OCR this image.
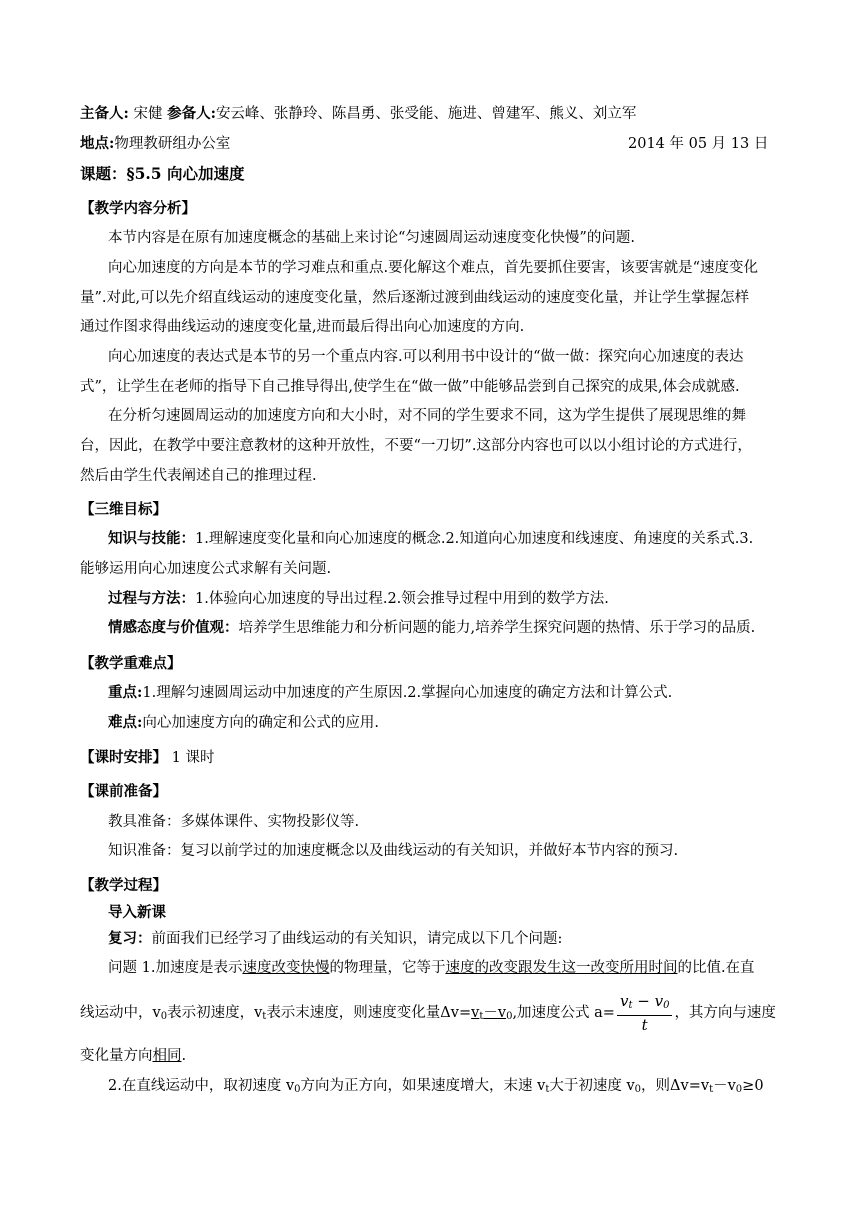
主备人: 宋健 参备人:安云峰、张静玲、陈昌勇、张受能、施进、曾建军、熊义、刘立军
地点:物理教研组办公室	2014 年 05 月 13 日
课题：§5.5 向心加速度
【教学内容分析】
本节内容是在原有加速度概念的基础上来讨论“匀速圆周运动速度变化快慢”的问题.
向心加速度的方向是本节的学习难点和重点.要化解这个难点，首先要抓住要害，该要害就是“速度变化
量”.对此,可以先介绍直线运动的速度变化量，然后逐渐过渡到曲线运动的速度变化量，并让学生掌握怎样
通过作图求得曲线运动的速度变化量,进而最后得出向心加速度的方向.
向心加速度的表达式是本节的另一个重点内容.可以利用书中设计的“做一做：探究向心加速度的表达
式”，让学生在老师的指导下自己推导得出,使学生在“做一做”中能够品尝到自己探究的成果,体会成就感.
在分析匀速圆周运动的加速度方向和大小时，对不同的学生要求不同，这为学生提供了展现思维的舞
台，因此，在教学中要注意教材的这种开放性，不要“一刀切”.这部分内容也可以以小组讨论的方式进行，
然后由学生代表阐述自己的推理过程.
【三维目标】
知识与技能：1.理解速度变化量和向心加速度的概念.2.知道向心加速度和线速度、角速度的关系式.3.
能够运用向心加速度公式求解有关问题.
过程与方法：1.体验向心加速度的导出过程.2.领会推导过程中用到的数学方法.
情感态度与价值观：培养学生思维能力和分析问题的能力,培养学生探究问题的热情、乐于学习的品质.
【教学重难点】
重点:1.理解匀速圆周运动中加速度的产生原因.2.掌握向心加速度的确定方法和计算公式.
难点:向心加速度方向的确定和公式的应用.
【课时安排】 1 课时
【课前准备】
教具准备：多媒体课件、实物投影仪等.
知识准备：复习以前学过的加速度概念以及曲线运动的有关知识，并做好本节内容的预习.
【教学过程】
导入新课
复习：前面我们已经学习了曲线运动的有关知识，请完成以下几个问题:
问题 1.加速度是表示速度改变快慢的物理量，它等于速度的改变跟发生这一改变所用时间的比值.在直
线运动中，$v_0$表示初速度，$v_t$表示末速度，则速度变化量$\Delta v=v_t-v_0$,加速度公式 $a= \frac{v_t - v_0}{t}$ ，其方向与速度
变化量方向相同.
2.在直线运动中，取初速度 $v_0$方向为正方向，如果速度增大，末速 $v_t$大于初速度 $v_0$，则$\Delta v=v_t-v_0\ge 0$
